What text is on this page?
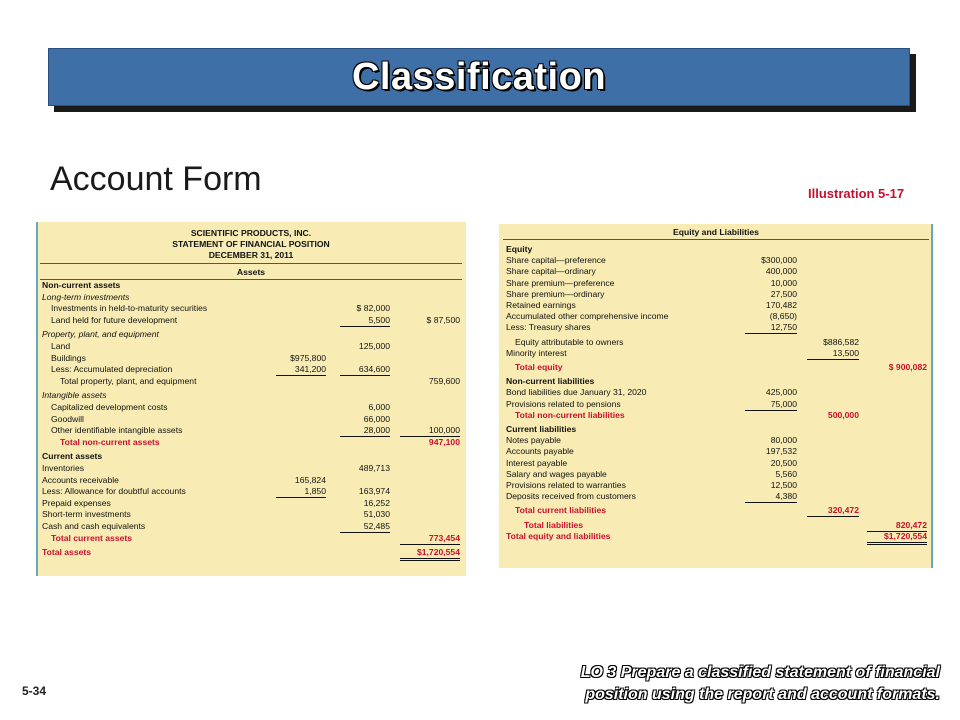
Classification
Account Form	Illustration 5-17
SCIENTIFIC PRODUCTS, INC.
STATEMENT OF FINANCIAL POSITION
DECEMBER 31, 2011
Assets
Non-current assets
Long-term investments
Investments in held-to-maturity securities	$ 82,000
Land held for future development	5,500	$ 87,500
Property, plant, and equipment
Land	125,000
Buildings	$975,800
Less: Accumulated depreciation	341,200	634,600
Total property, plant, and equipment	759,600
Intangible assets
Capitalized development costs	6,000
Goodwill	66,000
Other identifiable intangible assets	28,000	100,000
Total non-current assets	947,100
Current assets
Inventories	489,713
Accounts receivable	165,824
Less: Allowance for doubtful accounts	1,850	163,974
Prepaid expenses	16,252
Short-term investments	51,030
Cash and cash equivalents	52,485
Total current assets	773,454
Total assets	$1,720,554
Equity and Liabilities
Equity
Share capital—preference	$300,000
Share capital—ordinary	400,000
Share premium—preference	10,000
Share premium—ordinary	27,500
Retained earnings	170,482
Accumulated other comprehensive income	(8,650)
Less: Treasury shares	12,750
Equity attributable to owners	$886,582
Minority interest	13,500
Total equity	$ 900,082
Non-current liabilities
Bond liabilities due January 31, 2020	425,000
Provisions related to pensions	75,000
Total non-current liabilities	500,000
Current liabilities
Notes payable	80,000
Accounts payable	197,532
Interest payable	20,500
Salary and wages payable	5,560
Provisions related to warranties	12,500
Deposits received from customers	4,380
Total current liabilities	320,472
Total liabilities	820,472
Total equity and liabilities	$1,720,554
5-34
LO 3 Prepare a classified statement of financial
position using the report and account formats.
